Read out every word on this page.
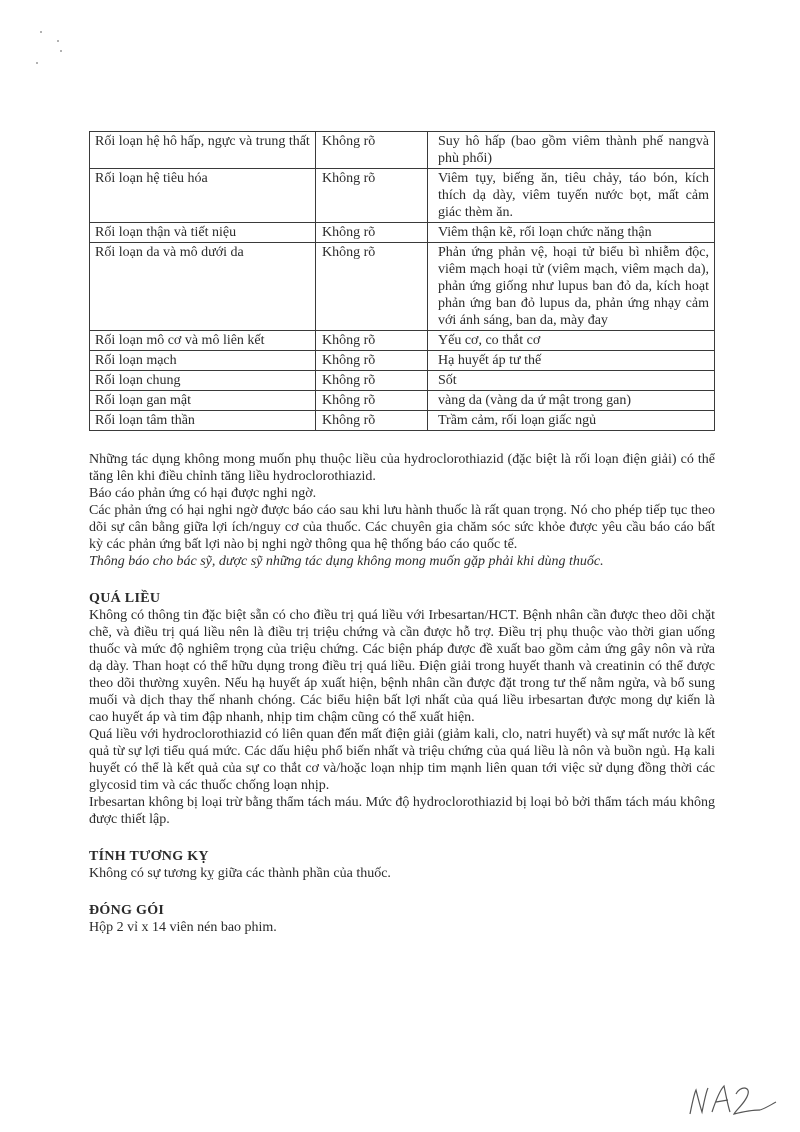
Rối loạn hệ hô hấp, ngực và trung thất	Không rõ	Suy hô hấp (bao gồm viêm thành phế nangvà phù phổi)
Rối loạn hệ tiêu hóa	Không rõ	Viêm tụy, biếng ăn, tiêu chảy, táo bón, kích thích dạ dày, viêm tuyến nước bọt, mất cảm giác thèm ăn.
Rối loạn thận và tiết niệu	Không rõ	Viêm thận kẽ, rối loạn chức năng thận
Rối loạn da và mô dưới da	Không rõ	Phản ứng phản vệ, hoại tử biểu bì nhiễm độc, viêm mạch hoại tử (viêm mạch, viêm mạch da), phản ứng giống như lupus ban đỏ da, kích hoạt phản ứng ban đỏ lupus da, phản ứng nhạy cảm với ánh sáng, ban da, mày đay
Rối loạn mô cơ và mô liên kết	Không rõ	Yếu cơ, co thắt cơ
Rối loạn mạch	Không rõ	Hạ huyết áp tư thế
Rối loạn chung	Không rõ	Sốt
Rối loạn gan mật	Không rõ	vàng da (vàng da ứ mật trong gan)
Rối loạn tâm thần	Không rõ	Trầm cảm, rối loạn giấc ngủ

Những tác dụng không mong muốn phụ thuộc liều của hydroclorothiazid (đặc biệt là rối loạn điện giải) có thể tăng lên khi điều chỉnh tăng liều hydroclorothiazid.

Báo cáo phản ứng có hại được nghi ngờ.

Các phản ứng có hại nghi ngờ được báo cáo sau khi lưu hành thuốc là rất quan trọng. Nó cho phép tiếp tục theo dõi sự cân bằng giữa lợi ích/nguy cơ của thuốc. Các chuyên gia chăm sóc sức khỏe được yêu cầu báo cáo bất kỳ các phản ứng bất lợi nào bị nghi ngờ thông qua hệ thống báo cáo quốc tế.

Thông báo cho bác sỹ, dược sỹ những tác dụng không mong muốn gặp phải khi dùng thuốc.

QUÁ LIỀU

Không có thông tin đặc biệt sẵn có cho điều trị quá liều với Irbesartan/HCT. Bệnh nhân cần được theo dõi chặt chẽ, và điều trị quá liều nên là điều trị triệu chứng và cần được hỗ trợ. Điều trị phụ thuộc vào thời gian uống thuốc và mức độ nghiêm trọng của triệu chứng. Các biện pháp được đề xuất bao gồm cảm ứng gây nôn và rửa dạ dày. Than hoạt có thể hữu dụng trong điều trị quá liều. Điện giải trong huyết thanh và creatinin có thể được theo dõi thường xuyên. Nếu hạ huyết áp xuất hiện, bệnh nhân cần được đặt trong tư thế nằm ngửa, và bổ sung muối và dịch thay thế nhanh chóng. Các biểu hiện bất lợi nhất của quá liều irbesartan được mong dự kiến là cao huyết áp và tim đập nhanh, nhịp tim chậm cũng có thể xuất hiện.

Quá liều với hydroclorothiazid có liên quan đến mất điện giải (giảm kali, clo, natri huyết) và sự mất nước là kết quả từ sự lợi tiểu quá mức. Các dấu hiệu phổ biến nhất và triệu chứng của quá liều là nôn và buồn ngủ. Hạ kali huyết có thể là kết quả của sự co thắt cơ và/hoặc loạn nhịp tim mạnh liên quan tới việc sử dụng đồng thời các glycosid tim và các thuốc chống loạn nhịp.

Irbesartan không bị loại trừ bằng thẩm tách máu. Mức độ hydroclorothiazid bị loại bỏ bởi thẩm tách máu không được thiết lập.

TÍNH TƯƠNG KỴ

Không có sự tương kỵ giữa các thành phần của thuốc.

ĐÓNG GÓI

Hộp 2 vỉ x 14 viên nén bao phim.
